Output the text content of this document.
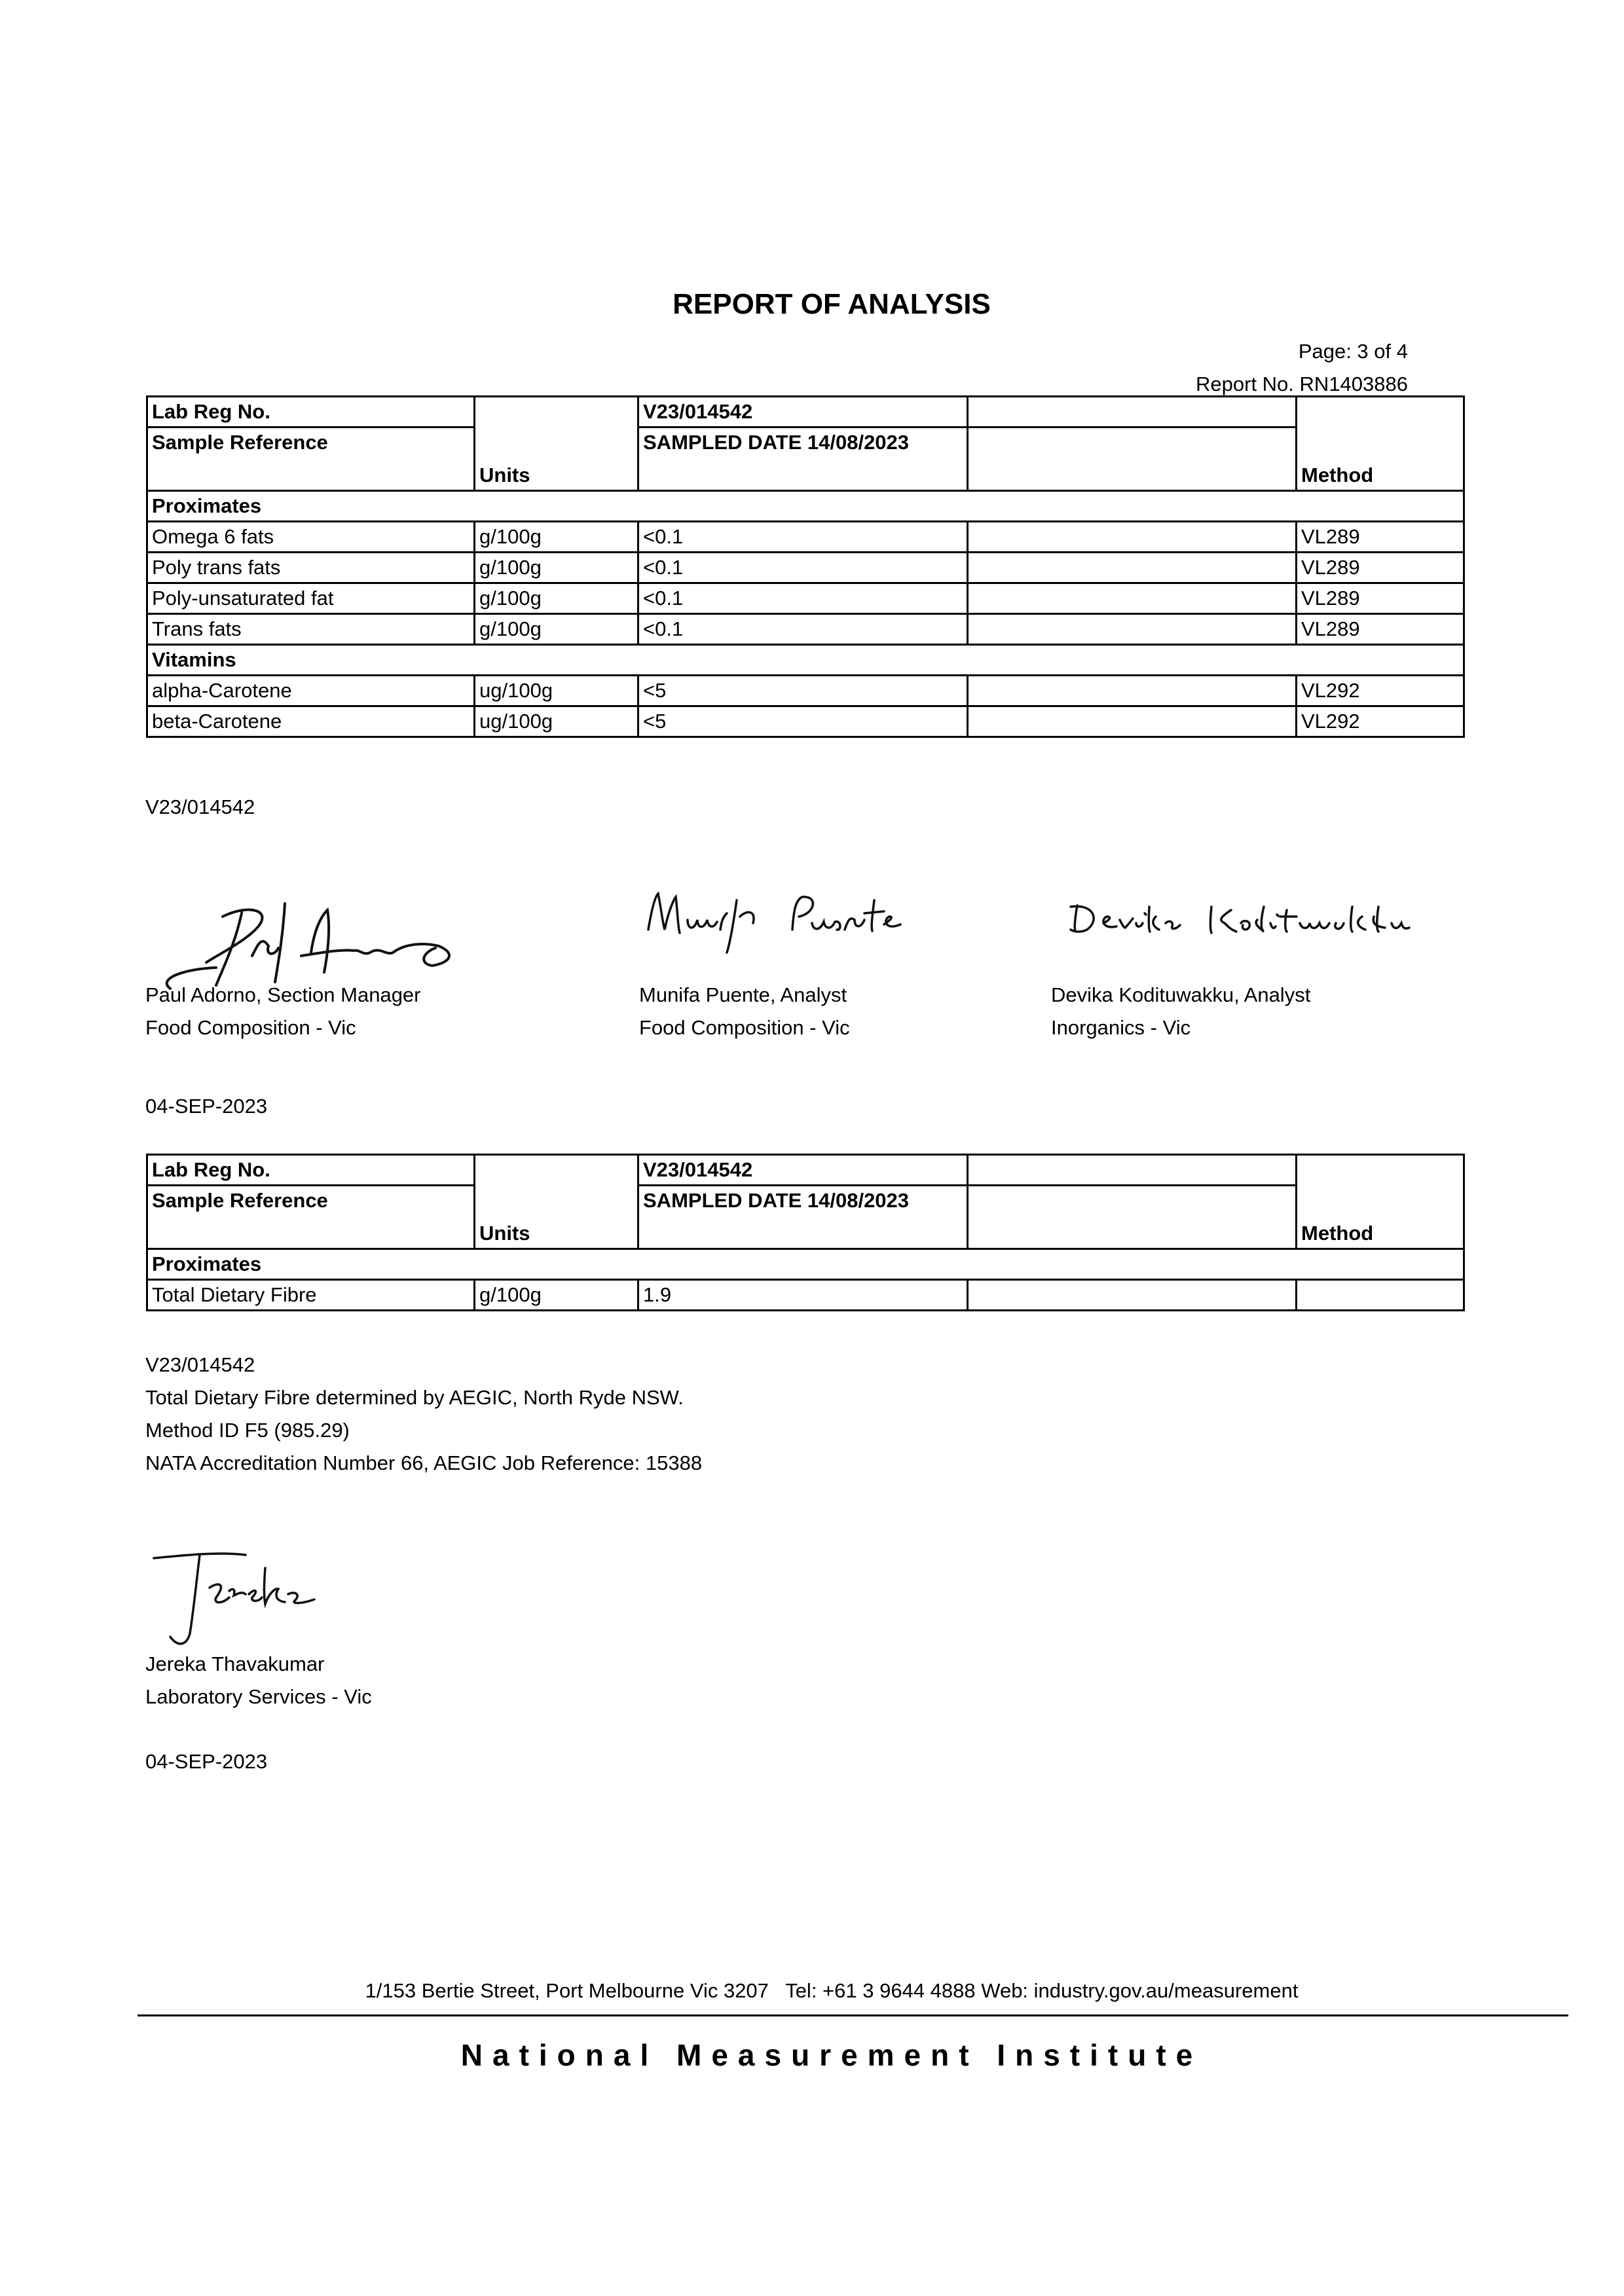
REPORT OF ANALYSIS
Page: 3 of 4
Report No. RN1403886
Lab Reg No.	Units	V23/014542		Method
Sample Reference		SAMPLED DATE 14/08/2023		
Proximates				
Omega 6 fats	g/100g	<0.1		VL289
Poly trans fats	g/100g	<0.1		VL289
Poly-unsaturated fat	g/100g	<0.1		VL289
Trans fats	g/100g	<0.1		VL289
Vitamins				
alpha-Carotene	ug/100g	<5		VL292
beta-Carotene	ug/100g	<5		VL292
V23/014542
Paul Adorno, Section Manager
Food Composition - Vic
Munifa Puente, Analyst
Food Composition - Vic
Devika Kodituwakku, Analyst
Inorganics - Vic
04-SEP-2023
Lab Reg No.	Units	V23/014542		Method
Sample Reference		SAMPLED DATE 14/08/2023		
Proximates				
Total Dietary Fibre	g/100g	1.9		
V23/014542
Total Dietary Fibre determined by AEGIC, North Ryde NSW.
Method ID F5 (985.29)
NATA Accreditation Number 66, AEGIC Job Reference: 15388
Jereka Thavakumar
Laboratory Services - Vic
04-SEP-2023
1/153 Bertie Street, Port Melbourne Vic 3207   Tel: +61 3 9644 4888 Web: industry.gov.au/measurement
National Measurement Institute
